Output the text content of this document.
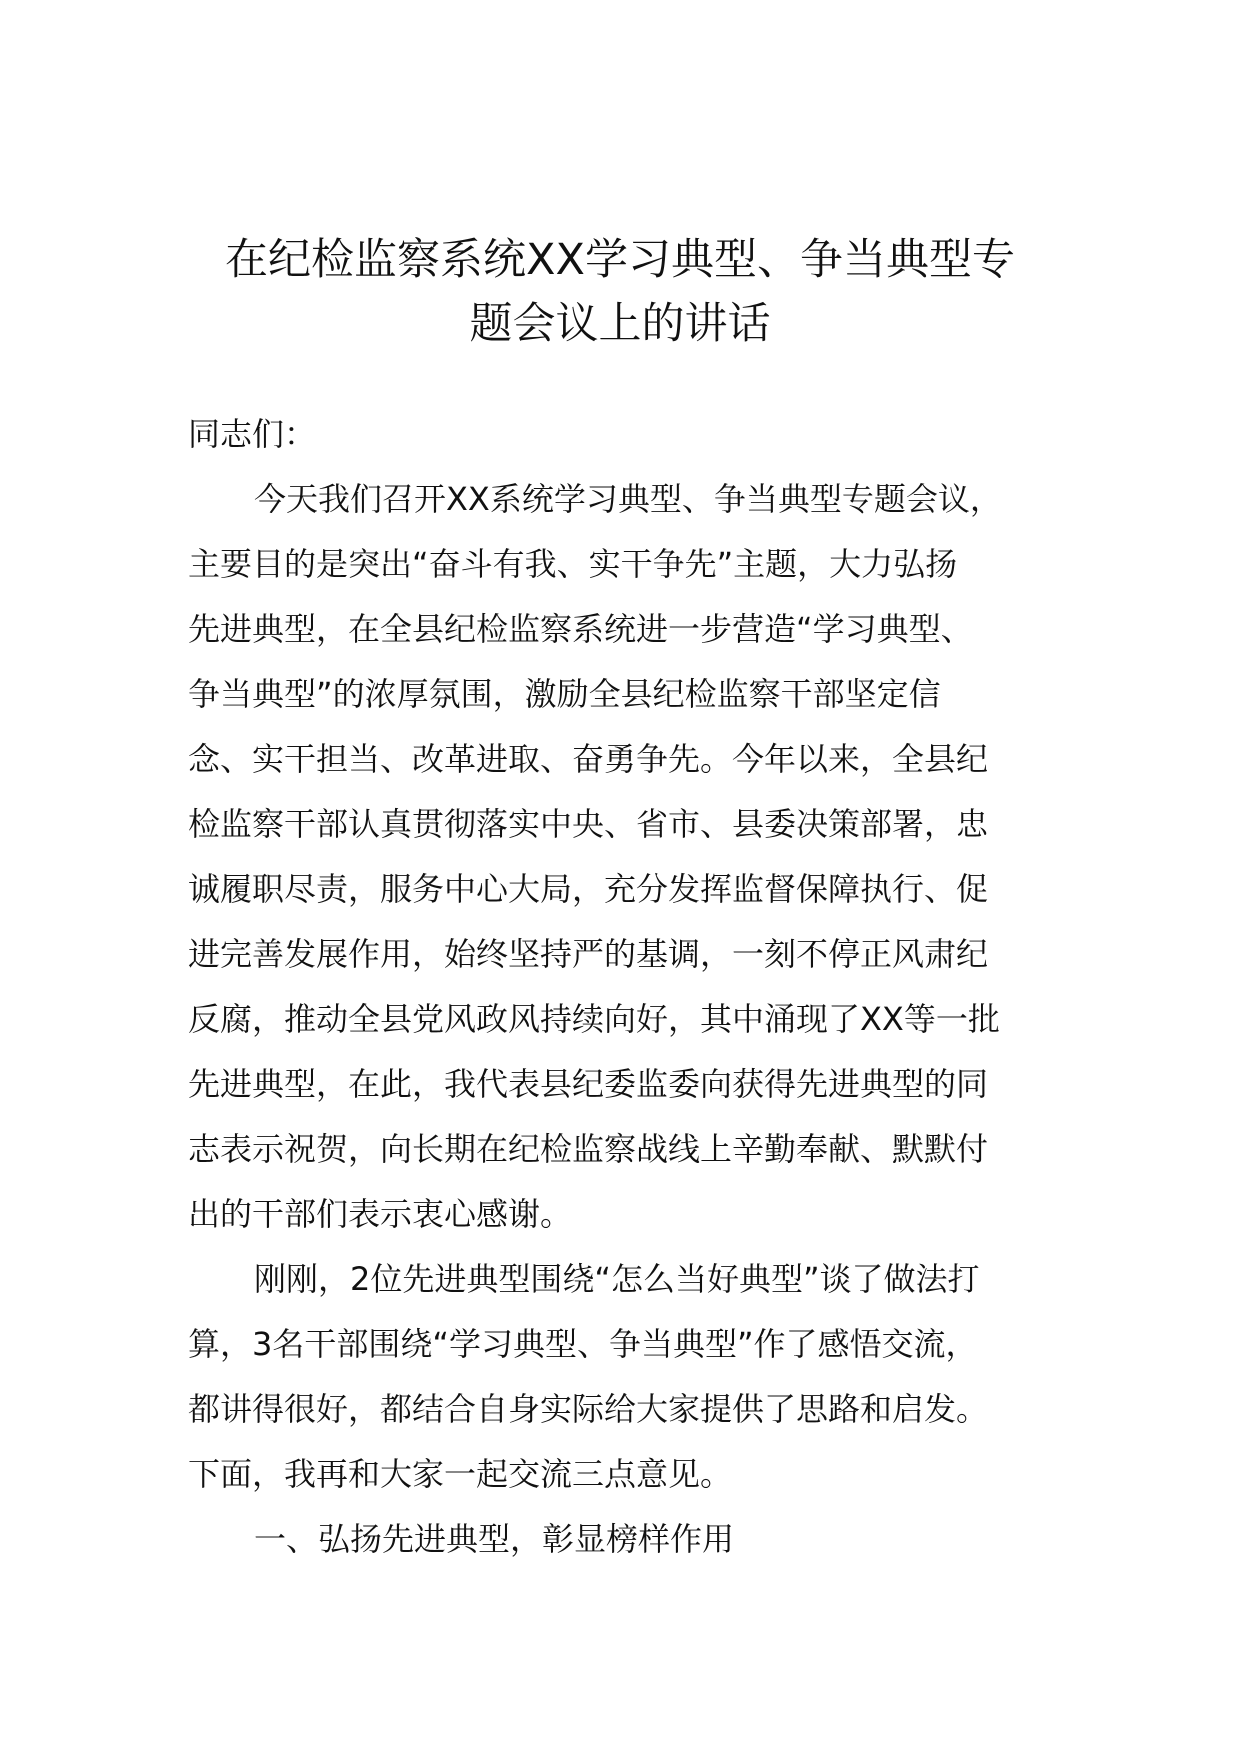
在纪检监察系统XX学习典型、争当典型专
题会议上的讲话
同志们：
今天我们召开XX系统学习典型、争当典型专题会议，
主要目的是突出“奋斗有我、实干争先”主题，大力弘扬
先进典型，在全县纪检监察系统进一步营造“学习典型、
争当典型”的浓厚氛围，激励全县纪检监察干部坚定信
念、实干担当、改革进取、奋勇争先。今年以来，全县纪
检监察干部认真贯彻落实中央、省市、县委决策部署，忠
诚履职尽责，服务中心大局，充分发挥监督保障执行、促
进完善发展作用，始终坚持严的基调，一刻不停正风肃纪
反腐，推动全县党风政风持续向好，其中涌现了XX等一批
先进典型，在此，我代表县纪委监委向获得先进典型的同
志表示祝贺，向长期在纪检监察战线上辛勤奉献、默默付
出的干部们表示衷心感谢。
刚刚，2位先进典型围绕“怎么当好典型”谈了做法打
算，3名干部围绕“学习典型、争当典型”作了感悟交流，
都讲得很好，都结合自身实际给大家提供了思路和启发。
下面，我再和大家一起交流三点意见。
一、弘扬先进典型，彰显榜样作用
